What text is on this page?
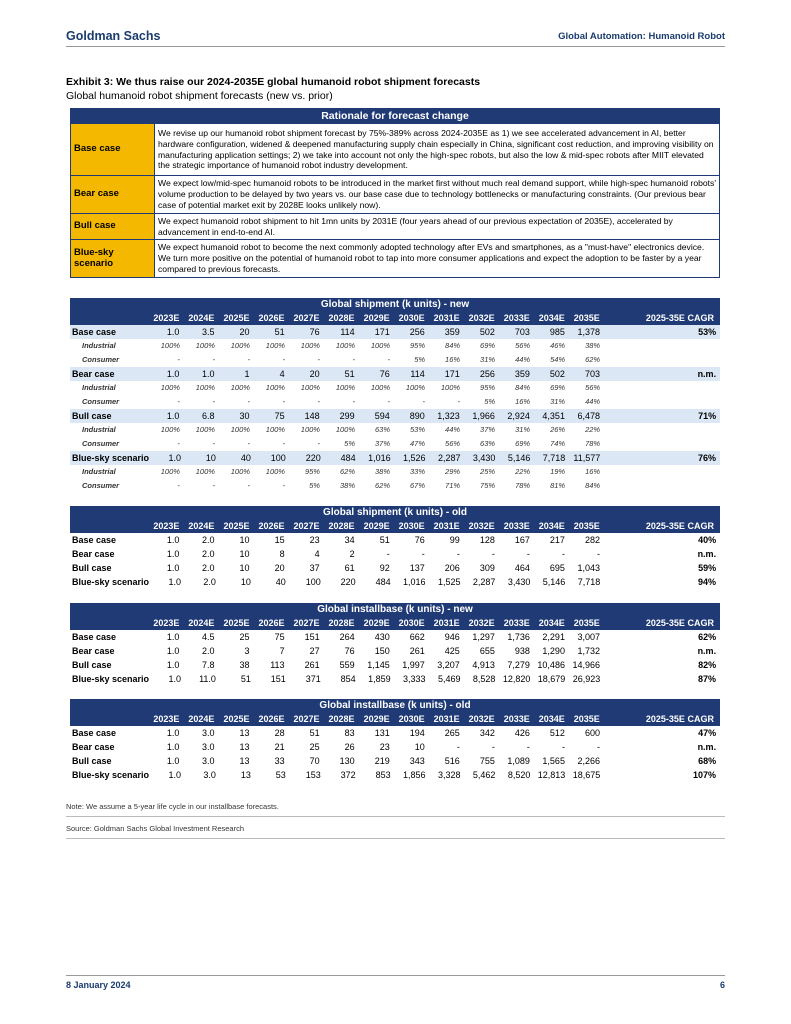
Goldman Sachs	Global Automation: Humanoid Robot
Exhibit 3: We thus raise our 2024-2035E global humanoid robot shipment forecasts
Global humanoid robot shipment forecasts (new vs. prior)
Rationale for forecast change	
Base case	We revise up our humanoid robot shipment forecast by 75%-389% across 2024-2035E as 1) we see accelerated advancement in AI, better hardware configuration, widened & deepened manufacturing supply chain especially in China, significant cost reduction, and improving visibility on manufacturing application settings; 2) we take into account not only the high-spec robots, but also the low & mid-spec robots after MIIT elevated the strategic importance of humanoid robot industry development.
Bear case	We expect low/mid-spec humanoid robots to be introduced in the market first without much real demand support, while high-spec humanoid robots' volume production to be delayed by two years vs. our base case due to technology bottlenecks or manufacturing constraints. (Our previous bear case of potential market exit by 2028E looks unlikely now).
Bull case	We expect humanoid robot shipment to hit 1mn units by 2031E (four years ahead of our previous expectation of 2035E), accelerated by advancement in end-to-end AI.
Blue-sky scenario	We expect humanoid robot to become the next commonly adopted technology after EVs and smartphones, as a "must-have" electronics device. We turn more positive on the potential of humanoid robot to tap into more consumer applications and expect the adoption to be faster by a year compared to previous forecasts.
Global shipment (k units) - new
2023E	2024E	2025E	2026E	2027E	2028E	2029E	2030E	2031E	2032E	2033E	2034E	2035E	2025-35E CAGR
Base case	1.0	3.5	20	51	76	114	171	256	359	502	703	985	1,378	53%
Industrial	100%	100%	100%	100%	100%	100%	100%	95%	84%	69%	56%	46%	38%
Consumer	-	-	-	-	-	-	-	5%	16%	31%	44%	54%	62%
Bear case	1.0	1.0	1	4	20	51	76	114	171	256	359	502	703	n.m.
Industrial	100%	100%	100%	100%	100%	100%	100%	100%	100%	95%	84%	69%	56%
Consumer	-	-	-	-	-	-	-	-	-	5%	16%	31%	44%
Bull case	1.0	6.8	30	75	148	299	594	890	1,323	1,966	2,924	4,351	6,478	71%
Industrial	100%	100%	100%	100%	100%	100%	63%	53%	44%	37%	31%	26%	22%
Consumer	-	-	-	-	-	5%	37%	47%	56%	63%	69%	74%	78%
Blue-sky scenario	1.0	10	40	100	220	484	1,016	1,526	2,287	3,430	5,146	7,718 11,577	76%
Industrial	100%	100%	100%	100%	95%	62%	38%	33%	29%	25%	22%	19%	16%
Consumer	-	-	-	-	5%	38%	62%	67%	71%	75%	78%	81%	84%
Global shipment (k units) - old
2023E	2024E	2025E	2026E	2027E	2028E	2029E	2030E	2031E	2032E	2033E	2034E	2035E	2025-35E CAGR
Base case	1.0	2.0	10	15	23	34	51	76	99	128	167	217	282	40%
Bear case	1.0	2.0	10	8	4	2	-	-	-	-	-	-	-	n.m.
Bull case	1.0	2.0	10	20	37	61	92	137	206	309	464	695	1,043	59%
Blue-sky scenario	1.0	2.0	10	40	100	220	484	1,016	1,525	2,287	3,430	5,146	7,718	94%
Global installbase (k units) - new
2023E	2024E	2025E	2026E	2027E	2028E	2029E	2030E	2031E	2032E	2033E	2034E	2035E	2025-35E CAGR
Base case	1.0	4.5	25	75	151	264	430	662	946	1,297	1,736	2,291	3,007	62%
Bear case	1.0	2.0	3	7	27	76	150	261	425	655	938	1,290	1,732	n.m.
Bull case	1.0	7.8	38	113	261	559	1,145	1,997	3,207	4,913	7,279 10,486 14,966	82%
Blue-sky scenario	1.0	11.0	51	151	371	854	1,859	3,333	5,469	8,528 12,820 18,679 26,923	87%
Global installbase (k units) - old
2023E	2024E	2025E	2026E	2027E	2028E	2029E	2030E	2031E	2032E	2033E	2034E	2035E	2025-35E CAGR
Base case	1.0	3.0	13	28	51	83	131	194	265	342	426	512	600	47%
Bear case	1.0	3.0	13	21	25	26	23	10	-	-	-	-	-	n.m.
Bull case	1.0	3.0	13	33	70	130	219	343	516	755	1,089	1,565	2,266	68%
Blue-sky scenario	1.0	3.0	13	53	153	372	853	1,856	3,328	5,462	8,520 12,813 18,675	107%
Note: We assume a 5-year life cycle in our installbase forecasts.
Source: Goldman Sachs Global Investment Research
8 January 2024	6
